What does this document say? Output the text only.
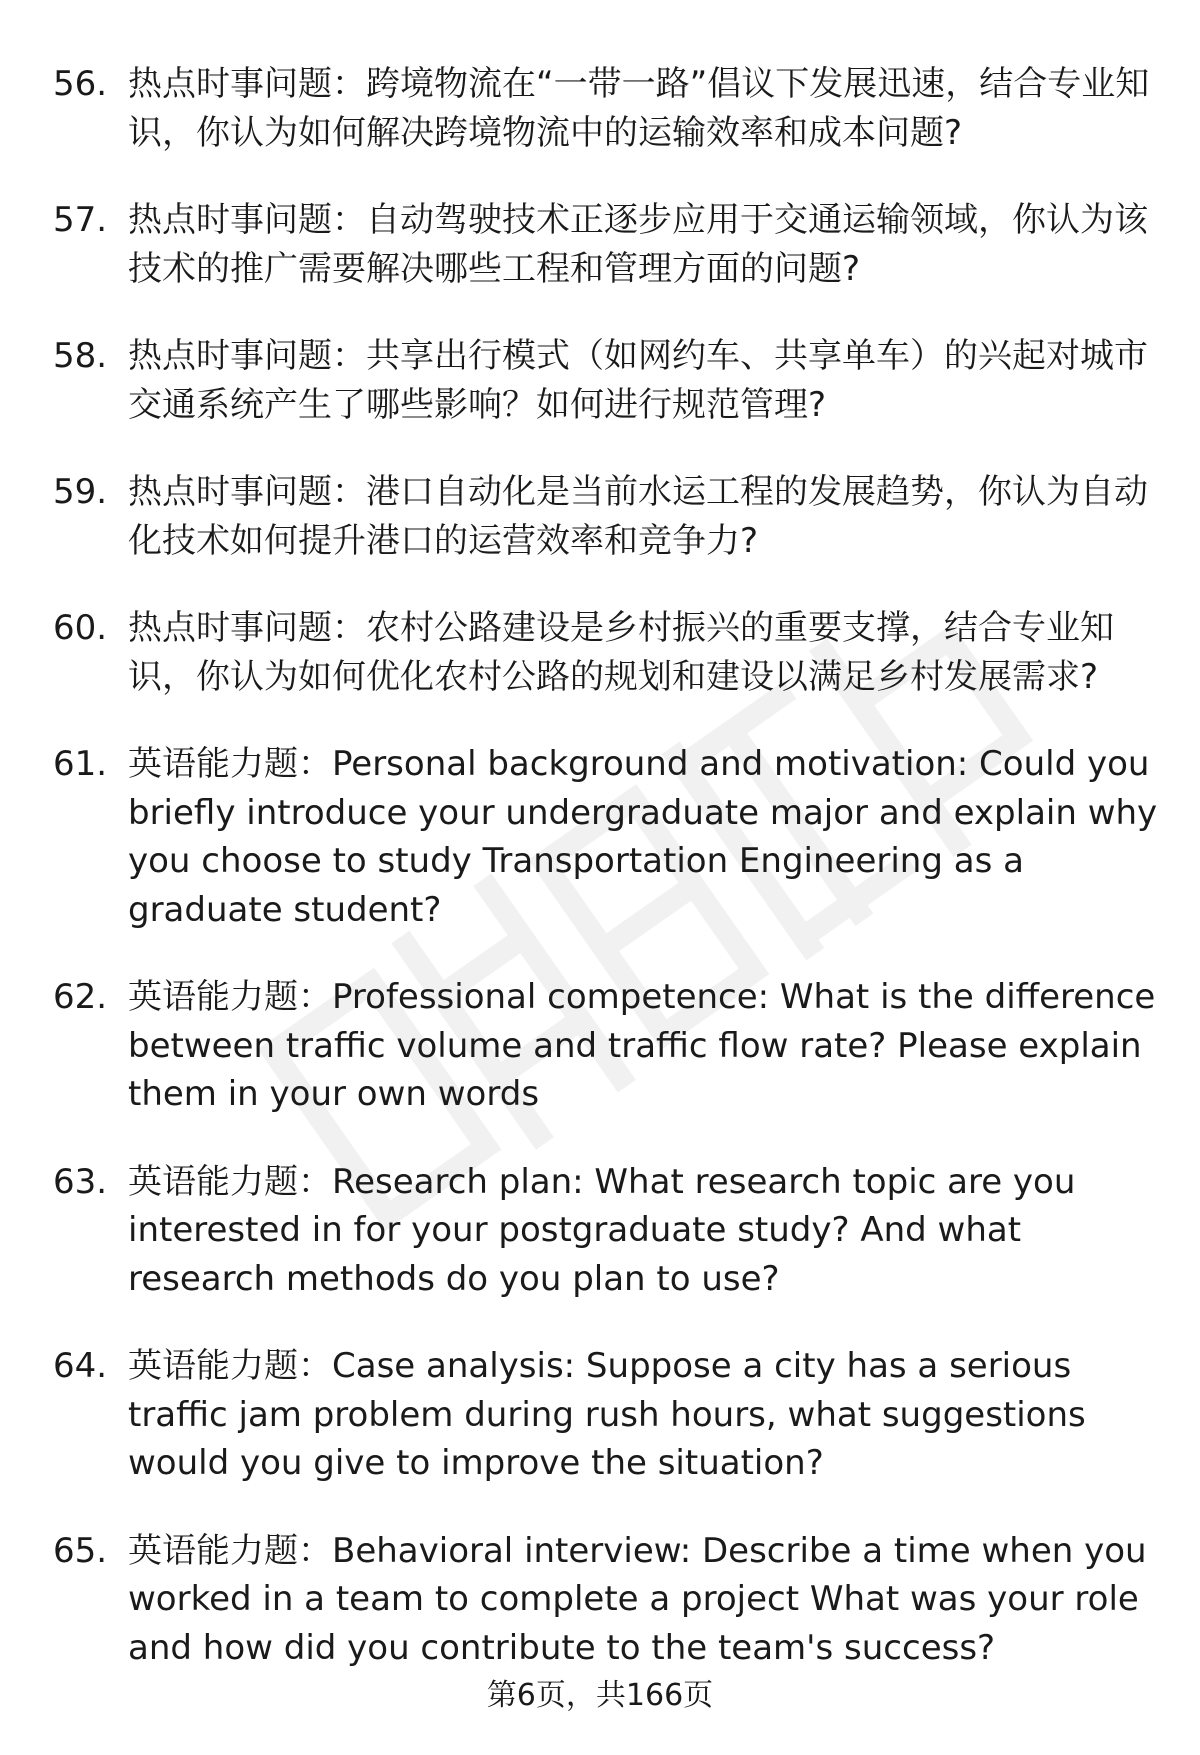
56. 热点时事问题：跨境物流在“一带一路”倡议下发展迅速，结合专业知识，你认为如何解决跨境物流中的运输效率和成本问题?
57. 热点时事问题：自动驾驶技术正逐步应用于交通运输领域，你认为该技术的推广需要解决哪些工程和管理方面的问题?
58. 热点时事问题：共享出行模式（如网约车、共享单车）的兴起对城市交通系统产生了哪些影响？如何进行规范管理?
59. 热点时事问题：港口自动化是当前水运工程的发展趋势，你认为自动化技术如何提升港口的运营效率和竞争力?
60. 热点时事问题：农村公路建设是乡村振兴的重要支撑，结合专业知识，你认为如何优化农村公路的规划和建设以满足乡村发展需求?
61. 英语能力题：Personal background and motivation: Could you briefly introduce your undergraduate major and explain why you choose to study Transportation Engineering as a graduate student?
62. 英语能力题：Professional competence: What is the difference between traffic volume and traffic flow rate? Please explain them in your own words
63. 英语能力题：Research plan: What research topic are you interested in for your postgraduate study? And what research methods do you plan to use?
64. 英语能力题：Case analysis: Suppose a city has a serious traffic jam problem during rush hours, what suggestions would you give to improve the situation?
65. 英语能力题：Behavioral interview: Describe a time when you worked in a team to complete a project What was your role and how did you contribute to the team's success?
第6页，共166页
